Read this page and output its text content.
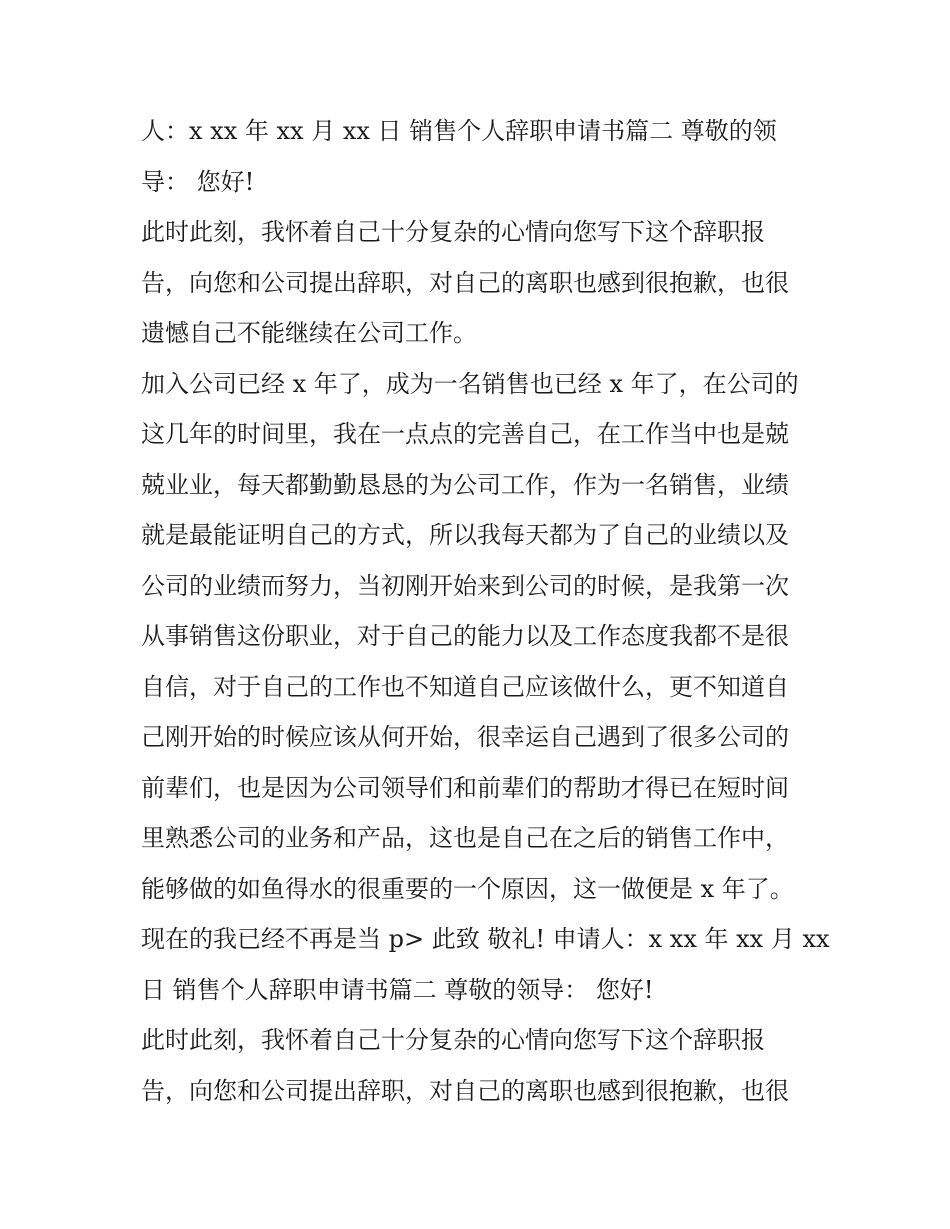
人：x xx 年 xx 月 xx 日 销售个人辞职申请书篇二 尊敬的领
导： 您好!
此时此刻，我怀着自己十分复杂的心情向您写下这个辞职报
告，向您和公司提出辞职，对自己的离职也感到很抱歉，也很
遗憾自己不能继续在公司工作。
加入公司已经 x 年了，成为一名销售也已经 x 年了，在公司的
这几年的时间里，我在一点点的完善自己，在工作当中也是兢
兢业业，每天都勤勤恳恳的为公司工作，作为一名销售，业绩
就是最能证明自己的方式，所以我每天都为了自己的业绩以及
公司的业绩而努力，当初刚开始来到公司的时候，是我第一次
从事销售这份职业，对于自己的能力以及工作态度我都不是很
自信，对于自己的工作也不知道自己应该做什么，更不知道自
己刚开始的时候应该从何开始，很幸运自己遇到了很多公司的
前辈们，也是因为公司领导们和前辈们的帮助才得已在短时间
里熟悉公司的业务和产品，这也是自己在之后的销售工作中，
能够做的如鱼得水的很重要的一个原因，这一做便是 x 年了。
现在的我已经不再是当 p> 此致 敬礼! 申请人：x xx 年 xx 月 xx
日 销售个人辞职申请书篇二 尊敬的领导： 您好!
此时此刻，我怀着自己十分复杂的心情向您写下这个辞职报
告，向您和公司提出辞职，对自己的离职也感到很抱歉，也很
